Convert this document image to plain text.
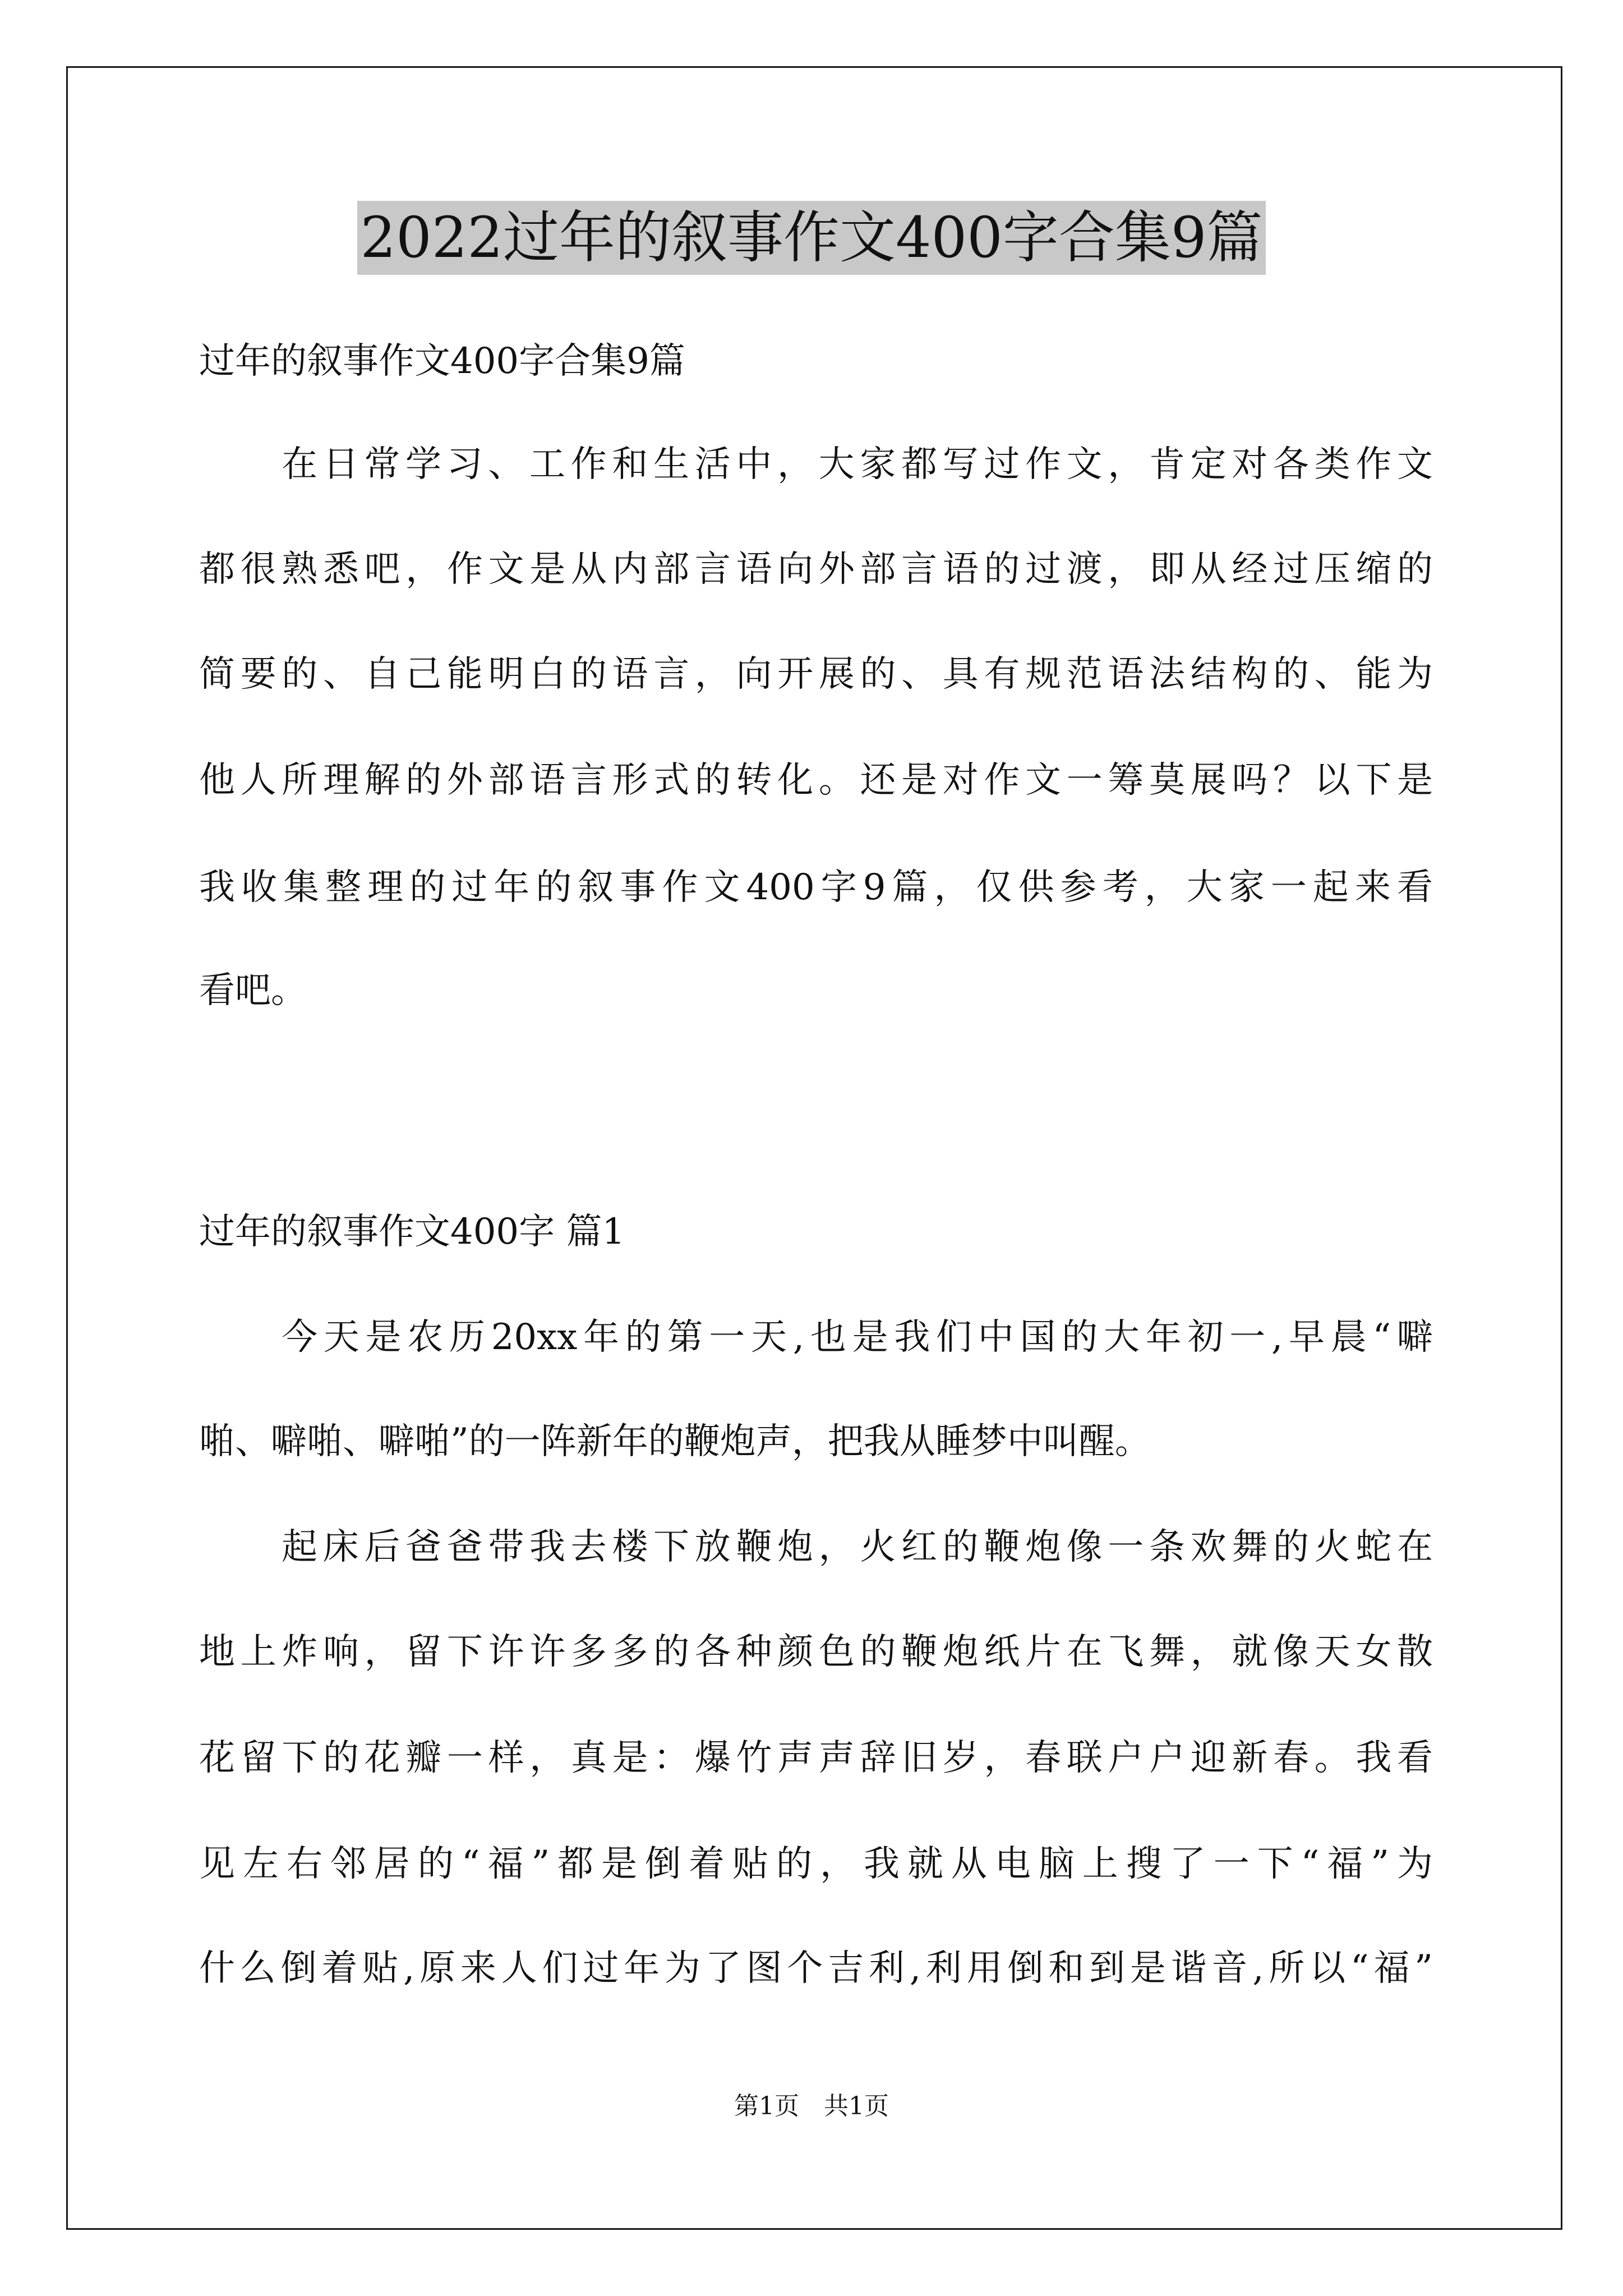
2022过年的叙事作文400字合集9篇
过年的叙事作文400字合集9篇
在日常学习、工作和生活中，大家都写过作文，肯定对各类作文
都很熟悉吧，作文是从内部言语向外部言语的过渡，即从经过压缩的
简要的、自己能明白的语言，向开展的、具有规范语法结构的、能为
他人所理解的外部语言形式的转化。还是对作文一筹莫展吗？以下是
我收集整理的过年的叙事作文400字9篇，仅供参考，大家一起来看
看吧。
过年的叙事作文400字 篇1
今天是农历20xx年的第一天,也是我们中国的大年初一,早晨“噼
啪、噼啪、噼啪”的一阵新年的鞭炮声，把我从睡梦中叫醒。
起床后爸爸带我去楼下放鞭炮，火红的鞭炮像一条欢舞的火蛇在
地上炸响，留下许许多多的各种颜色的鞭炮纸片在飞舞，就像天女散
花留下的花瓣一样，真是：爆竹声声辞旧岁，春联户户迎新春。我看
见左右邻居的“福”都是倒着贴的，我就从电脑上搜了一下“福”为
什么倒着贴,原来人们过年为了图个吉利,利用倒和到是谐音,所以“福”
第1页 共1页
